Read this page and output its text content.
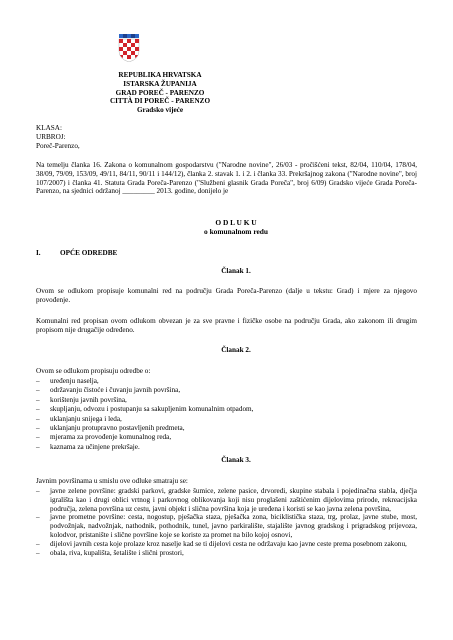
REPUBLIKA HRVATSKA
ISTARSKA ŽUPANIJA
GRAD POREČ - PARENZO
CITTÀ DI POREČ - PARENZO
Gradsko vijeće
KLASA:
URBROJ:
Poreč-Parenzo,
Na temelju članka 16. Zakona o komunalnom gospodarstvu ("Narodne novine", 26/03 - pročišćeni tekst, 82/04, 110/04, 178/04, 38/09, 79/09, 153/09, 49/11, 84/11, 90/11 i 144/12), članka 2. stavak 1. i 2. i članka 33. Prekršajnog zakona ("Narodne novine", broj 107/2007) i članka 41. Statuta Grada Poreča-Parenzo ("Službeni glasnik Grada Poreča", broj 6/09) Gradsko vijeće Grada Poreča-Parenzo, na sjednici održanoj _________ 2013. godine, donijelo je
O D L U K U
o komunalnom redu
I.	OPĆE ODREDBE
Članak 1.
Ovom se odlukom propisuje komunalni red na području Grada Poreča-Parenzo (dalje u tekstu: Grad) i mjere za njegovo provođenje.
Komunalni red propisan ovom odlukom obvezan je za sve pravne i fizičke osobe na području Grada, ako zakonom ili drugim propisom nije drugačije određeno.
Članak 2.
Ovom se odlukom propisuju odredbe o:
– uređenju naselja,
– održavanju čistoće i čuvanju javnih površina,
– korištenju javnih površina,
– skupljanju, odvozu i postupanju sa sakupljenim komunalnim otpadom,
– uklanjanju snijega i leda,
– uklanjanju protupravno postavljenih predmeta,
– mjerama za provođenje komunalnog reda,
– kaznama za učinjene prekršaje.
Članak 3.
Javnim površinama u smislu ove odluke smatraju se:
– javne zelene površine: gradski parkovi, gradske šumice, zelene pasice, drvoredi, skupine stabala i pojedinačna stabla, dječja igrališta kao i drugi oblici vrtnog i parkovnog oblikovanja koji nisu proglašeni zaštićenim dijelovima prirode, rekreacijska područja, zelena površina uz cestu, javni objekt i slična površina koja je uređena i koristi se kao javna zelena površina,
– javne prometne površine: cesta, nogostup, pješačka staza, pješačka zona, biciklistička staza, trg, prolaz, javne stube, most, podvožnjak, nadvožnjak, nathodnik, pothodnik, tunel, javno parkiralište, stajalište javnog gradskog i prigradskog prijevoza, kolodvor, pristanište i slične površine koje se koriste za promet na bilo kojoj osnovi,
– dijelovi javnih cesta koje prolaze kroz naselje kad se ti dijelovi cesta ne održavaju kao javne ceste prema posebnom zakonu,
– obala, riva, kupališta, šetalište i slični prostori,
